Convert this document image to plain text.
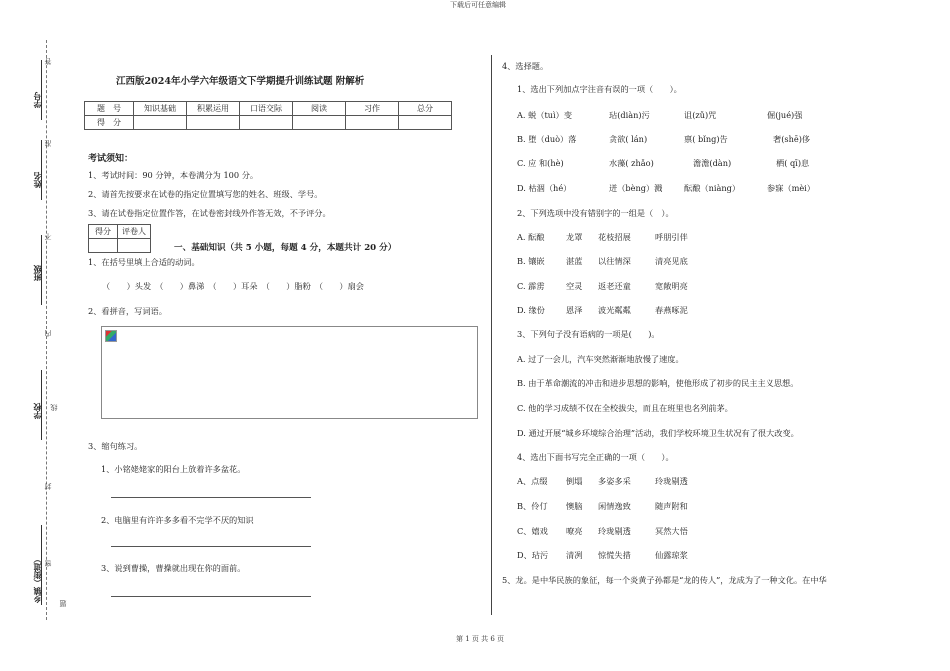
下载后可任意编辑
第 1 页 共 6 页
学号
姓名
班级
学校
乡镇（街道）
答
准
不
内
线
封
密
题
江西版2024年小学六年级语文下学期提升训练试题 附解析
题　号	知识基础	积累运用	口语交际	阅读	习作	总分
得　分						
考试须知：
1、考试时间：90 分钟，本卷满分为 100 分。
2、请首先按要求在试卷的指定位置填写您的姓名、班级、学号。
3、请在试卷指定位置作答，在试卷密封线外作答无效，不予评分。
得分	评卷人

一、基础知识（共 5 小题，每题 4 分，本题共计 20 分）
1、在括号里填上合适的动词。
（　　）头发　（　　）鼻涕　（　　）耳朵　（　　）脂粉　（　　）扇会
2、看拼音，写词语。
3、缩句练习。
1、小铭姥姥家的阳台上放着许多盆花。
2、电脑里有许许多多看不完学不厌的知识
3、说到曹操，曹操就出现在你的面前。
4、选择题。
1、选出下列加点字注音有误的一项（　　）。
A. 蜕（tuì）变	玷(diàn)污	诅(zǔ)咒	倔(jué)强
B. 堕（duò）落	贪欲( lán)	禀( bǐng)告	奢(shē)侈
C. 应 和(hè)	水藻( zhǎo)	澹澹(dàn)	栖( qī)息
D. 枯涸（hé）	迸（bèng）溅	酝酿（niàng）	参寐（mèi）
2、下列选项中没有错别字的一组是（　）。
A. 酝酿	龙罩 花枝招展	呼朋引伴
B. 镶嵌	湛蓝 以往情深	清亮见底
C. 霹雳	空灵 返老还童	宽敞明亮
D. 缘份	恩泽 波光粼粼	春燕啄泥
3、下列句子没有语病的一项是(　　)。
A. 过了一会儿，汽车突然渐渐地放慢了速度。
B. 由于革命潮流的冲击和进步思想的影响，使他形成了初步的民主主义思想。
C. 他的学习成绩不仅在全校拔尖，而且在班里也名列前茅。
D. 通过开展“城乡环境综合治理”活动，我们学校环境卫生状况有了很大改变。
4、选出下面书写完全正确的一项（　　）。
A、点缀 倒塌 多姿多采	玲珑剔透
B、伶仃 懊脑 闲情逸致	随声附和
C、嬉戏 嘹亮 玲珑剔透	冥然大悟
D、玷污 清冽 惊慌失措	仙露琼浆
5、龙。是中华民族的象征，每一个炎黄子孙都是“龙的传人”，龙成为了一种文化。在中华
